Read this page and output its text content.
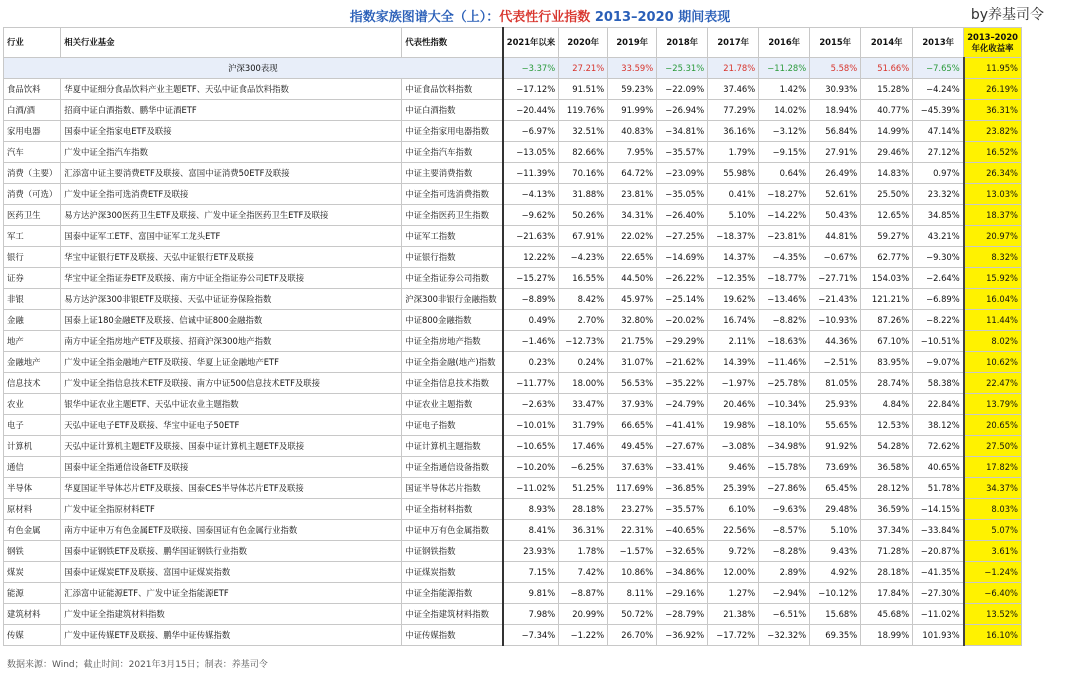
指数家族图谱大全（上）：代表性行业指数 2013–2020 期间表现	by养基司令
行业	相关行业基金	代表性指数	2021年以来	2020年	2019年	2018年	2017年	2016年	2015年	2014年	2013年	2013–2020
年化收益率
沪深300表现			−3.37%	27.21%	33.59%	−25.31%	21.78%	−11.28%	5.58%	51.66%	−7.65%	11.95%
食品饮料	华夏中证细分食品饮料产业主题ETF、天弘中证食品饮料指数	中证食品饮料指数	−17.12%	91.51%	59.23%	−22.09%	37.46%	1.42%	30.93%	15.28%	−4.24%	26.19%
白酒/酒	招商中证白酒指数、鹏华中证酒ETF	中证白酒指数	−20.44%	119.76%	91.99%	−26.94%	77.29%	14.02%	18.94%	40.77%	−45.39%	36.31%
家用电器	国泰中证全指家电ETF及联接	中证全指家用电器指数	−6.97%	32.51%	40.83%	−34.81%	36.16%	−3.12%	56.84%	14.99%	47.14%	23.82%
汽车	广发中证全指汽车指数	中证全指汽车指数	−13.05%	82.66%	7.95%	−35.57%	1.79%	−9.15%	27.91%	29.46%	27.12%	16.52%
消费（主要）	汇添富中证主要消费ETF及联接、富国中证消费50ETF及联接	中证主要消费指数	−11.39%	70.16%	64.72%	−23.09%	55.98%	0.64%	26.49%	14.83%	0.97%	26.34%
消费（可选）	广发中证全指可选消费ETF及联接	中证全指可选消费指数	−4.13%	31.88%	23.81%	−35.05%	0.41%	−18.27%	52.61%	25.50%	23.32%	13.03%
医药卫生	易方达沪深300医药卫生ETF及联接、广发中证全指医药卫生ETF及联接	中证全指医药卫生指数	−9.62%	50.26%	34.31%	−26.40%	5.10%	−14.22%	50.43%	12.65%	34.85%	18.37%
军工	国泰中证军工ETF、富国中证军工龙头ETF	中证军工指数	−21.63%	67.91%	22.02%	−27.25%	−18.37%	−23.81%	44.81%	59.27%	43.21%	20.97%
银行	华宝中证银行ETF及联接、天弘中证银行ETF及联接	中证银行指数	12.22%	−4.23%	22.65%	−14.69%	14.37%	−4.35%	−0.67%	62.77%	−9.30%	8.32%
证券	华宝中证全指证券ETF及联接、南方中证全指证券公司ETF及联接	中证全指证券公司指数	−15.27%	16.55%	44.50%	−26.22%	−12.35%	−18.77%	−27.71%	154.03%	−2.64%	15.92%
非银	易方达沪深300非银ETF及联接、天弘中证证券保险指数	沪深300非银行金融指数	−8.89%	8.42%	45.97%	−25.14%	19.62%	−13.46%	−21.43%	121.21%	−6.89%	16.04%
金融	国泰上证180金融ETF及联接、信诚中证800金融指数	中证800金融指数	0.49%	2.70%	32.80%	−20.02%	16.74%	−8.82%	−10.93%	87.26%	−8.22%	11.44%
地产	南方中证全指房地产ETF及联接、招商沪深300地产指数	中证全指房地产指数	−1.46%	−12.73%	21.75%	−29.29%	2.11%	−18.63%	44.36%	67.10%	−10.51%	8.02%
金融地产	广发中证全指金融地产ETF及联接、华夏上证金融地产ETF	中证全指金融(地产)指数	0.23%	0.24%	31.07%	−21.62%	14.39%	−11.46%	−2.51%	83.95%	−9.07%	10.62%
信息技术	广发中证全指信息技术ETF及联接、南方中证500信息技术ETF及联接	中证全指信息技术指数	−11.77%	18.00%	56.53%	−35.22%	−1.97%	−25.78%	81.05%	28.74%	58.38%	22.47%
农业	银华中证农业主题ETF、天弘中证农业主题指数	中证农业主题指数	−2.63%	33.47%	37.93%	−24.79%	20.46%	−10.34%	25.93%	4.84%	22.84%	13.79%
电子	天弘中证电子ETF及联接、华宝中证电子50ETF	中证电子指数	−10.01%	31.79%	66.65%	−41.41%	19.98%	−18.10%	55.65%	12.53%	38.12%	20.65%
计算机	天弘中证计算机主题ETF及联接、国泰中证计算机主题ETF及联接	中证计算机主题指数	−10.65%	17.46%	49.45%	−27.67%	−3.08%	−34.98%	91.92%	54.28%	72.62%	27.50%
通信	国泰中证全指通信设备ETF及联接	中证全指通信设备指数	−10.20%	−6.25%	37.63%	−33.41%	9.46%	−15.78%	73.69%	36.58%	40.65%	17.82%
半导体	华夏国证半导体芯片ETF及联接、国泰CES半导体芯片ETF及联接	国证半导体芯片指数	−11.02%	51.25%	117.69%	−36.85%	25.39%	−27.86%	65.45%	28.12%	51.78%	34.37%
原材料	广发中证全指原材料ETF	中证全指材料指数	8.93%	28.18%	23.27%	−35.57%	6.10%	−9.63%	29.48%	36.59%	−14.15%	8.03%
有色金属	南方中证申万有色金属ETF及联接、国泰国证有色金属行业指数	中证申万有色金属指数	8.41%	36.31%	22.31%	−40.65%	22.56%	−8.57%	5.10%	37.34%	−33.84%	5.07%
钢铁	国泰中证钢铁ETF及联接、鹏华国证钢铁行业指数	中证钢铁指数	23.93%	1.78%	−1.57%	−32.65%	9.72%	−8.28%	9.43%	71.28%	−20.87%	3.61%
煤炭	国泰中证煤炭ETF及联接、富国中证煤炭指数	中证煤炭指数	7.15%	7.42%	10.86%	−34.86%	12.00%	2.89%	4.92%	28.18%	−41.35%	−1.24%
能源	汇添富中证能源ETF、广发中证全指能源ETF	中证全指能源指数	9.81%	−8.87%	8.11%	−29.16%	1.27%	−2.94%	−10.12%	17.84%	−27.30%	−6.40%
建筑材料	广发中证全指建筑材料指数	中证全指建筑材料指数	7.98%	20.99%	50.72%	−28.79%	21.38%	−6.51%	15.68%	45.68%	−11.02%	13.52%
传媒	广发中证传媒ETF及联接、鹏华中证传媒指数	中证传媒指数	−7.34%	−1.22%	26.70%	−36.92%	−17.72%	−32.32%	69.35%	18.99%	101.93%	16.10%
数据来源：Wind；截止时间：2021年3月15日；制表：养基司令
